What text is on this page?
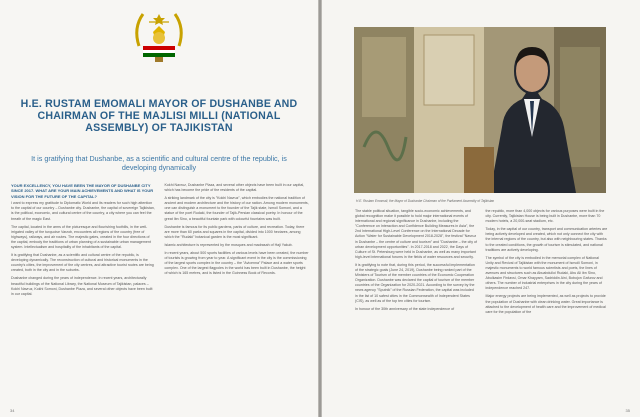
H.E. RUSTAM EMOMALI MAYOR OF DUSHANBE AND CHAIRMAN OF THE MAJLISI MILLI (NATIONAL ASSEMBLY) OF TAJIKISTAN
It is gratifying that Dushanbe, as a scientific and cultural centre of the republic, is developing dynamically
YOUR EXCELLENCY, YOU HAVE BEEN THE MAYOR OF DUSHANBE CITY SINCE 2017. WHAT ARE YOUR MAIN ACHIEVEMENTS AND WHAT IS YOUR VISION FOR THE FUTURE OF THE CAPITAL?

I want to express my gratitude to Diplomatic World and its readers for such high attention to the capital of our country – Dushanbe city. Dushanbe, the capital of sovereign Tajikistan, is the political, economic, and cultural centre of the country, a city where you can feel the breath of the magic East.

The capital, located in the arms of the picturesque and flourishing foothills, in the well-irrigated valley of the turquoise Varzob, encounters all regions of the country (free of highways), railways, and air routes. The majestic gates, created in the four directions of the capital, embody the traditions of urban planning of a sustainable urban management system. Intellectualism and hospitality of the inhabitants of the capital.

It is gratifying that Dushanbe, as a scientific and cultural centre of the republic, is developing dynamically. The reconstruction of cultural and historical monuments in the country's cities, the improvement of the city centres, and attractive tourist routes are being created, both in the city and in the suburbs.

Dushanbe changed during the years of independence. In recent years, architecturally beautiful buildings of the National Library, the National Museum of Tajikistan, palaces – Kokhi Navruz, Kokhi Somoni, Dushanbe Plaza, and several other objects have been built in our capital.

Kokhi Navruz, Dushanbe Plaza, and several other objects have been built in our capital, which has become the pride of the residents of the capital.

A striking landmark of the city is "Kokhi Navruz", which embodies the national tradition of ancient and modern architecture and the history of our nation. Among modern monuments, one can distinguish a monument to the founder of the Tajik state, Ismoil Somoni, and a statue of the poet Rudaki, the founder of Tajik-Persian classical poetry. In honour of the great Ibn Sino, a beautiful fountain park with colourful fountains was built.

Dushanbe is famous for its public gardens, parks of culture, and recreation. Today, there are more than 60 parks and squares in the capital, divided into 1000 hectares, among which the "Rudaki" botanical garden is the most significant.

Islamic architecture is represented by the mosques and madrasah of Haji Yakub.

In recent years, about 500 sports facilities of various levels have been created, the number of tourists is growing from year to year. A significant event in the city is the commissioning of the largest sports complex in the country – the "Avicenna" Palace and a water sports complex. One of the largest flagpoles in the world has been built in Dushanbe, the height of which is 165 metres, and is listed in the Guinness Book of Records.

34
H.E. Rustam Emomali, the Mayor of Dushanbe Chairman of the Parliament Assembly of Tajikistan

The stable political situation, tangible socio-economic achievements, and global recognition make it possible to hold major international events of international and regional significance in Dushanbe, including the "Conference on Interaction and Confidence Building Measures in Asia", the 2nd International High-Level Conference on the International Decade for Action "Water for Sustainable Development 2018-2028", the festival "Navruz in Dushanbe – the centre of culture and tourism" and "Dushanbe – the city of urban development opportunities". In 2017-2018 and 2022, the Days of Culture of St. Petersburg were held in Dushanbe, as well as many important high-level international forums in the fields of water resources and security.

It is gratifying to note that, during this period, the successful implementation of the strategic goals (June 24, 2019), Dushanbe being ranked part of the Ministers of Tourism of the member countries of the Economic Cooperation Organization. Dushanbe was declared the capital of tourism of the member countries of the Organization for 2020-2021. According to the survey by the news agency "Sputnik" of the Russian Federation, the capital was included in the list of 10 safest cities in the Commonwealth of Independent States (CIS), as well as of the top ten cities for tourism.

In honour of the 30th anniversary of the state independence of

the republic, more than 4,000 objects for various purposes were built in the city. Currently, Tajikistan House is being built in Dushanbe, more than 70 modern hotels, a 20,000-seat stadium, etc.

Today, in the capital of our country, transport and communication arteries are being actively developed and created, which not only connect the city with the internal regions of the country, but also with neighbouring states. Thanks to the created conditions, the growth of tourism is stimulated, and national traditions are actively developing.

The symbol of the city is embodied in the memorial complex of National Unity and Revival of Tajikistan with the monument of Ismoili Somoni, in majestic monuments to world famous scientists and poets, the lines of avenues and structures such as Abuabdulloi Rudaki, Abu Ali ibn Sino, Abulkasim Firdavsi, Omar Khayyam, Sadriddin Aini, Bobojon Gafurov and others. The number of industrial enterprises in the city during the years of independence reached 247.

Major energy projects are being implemented, as well as projects to provide the population of Dushanbe with clean drinking water. Great importance is attached to the development of health care and the improvement of medical care for the population of the

35
